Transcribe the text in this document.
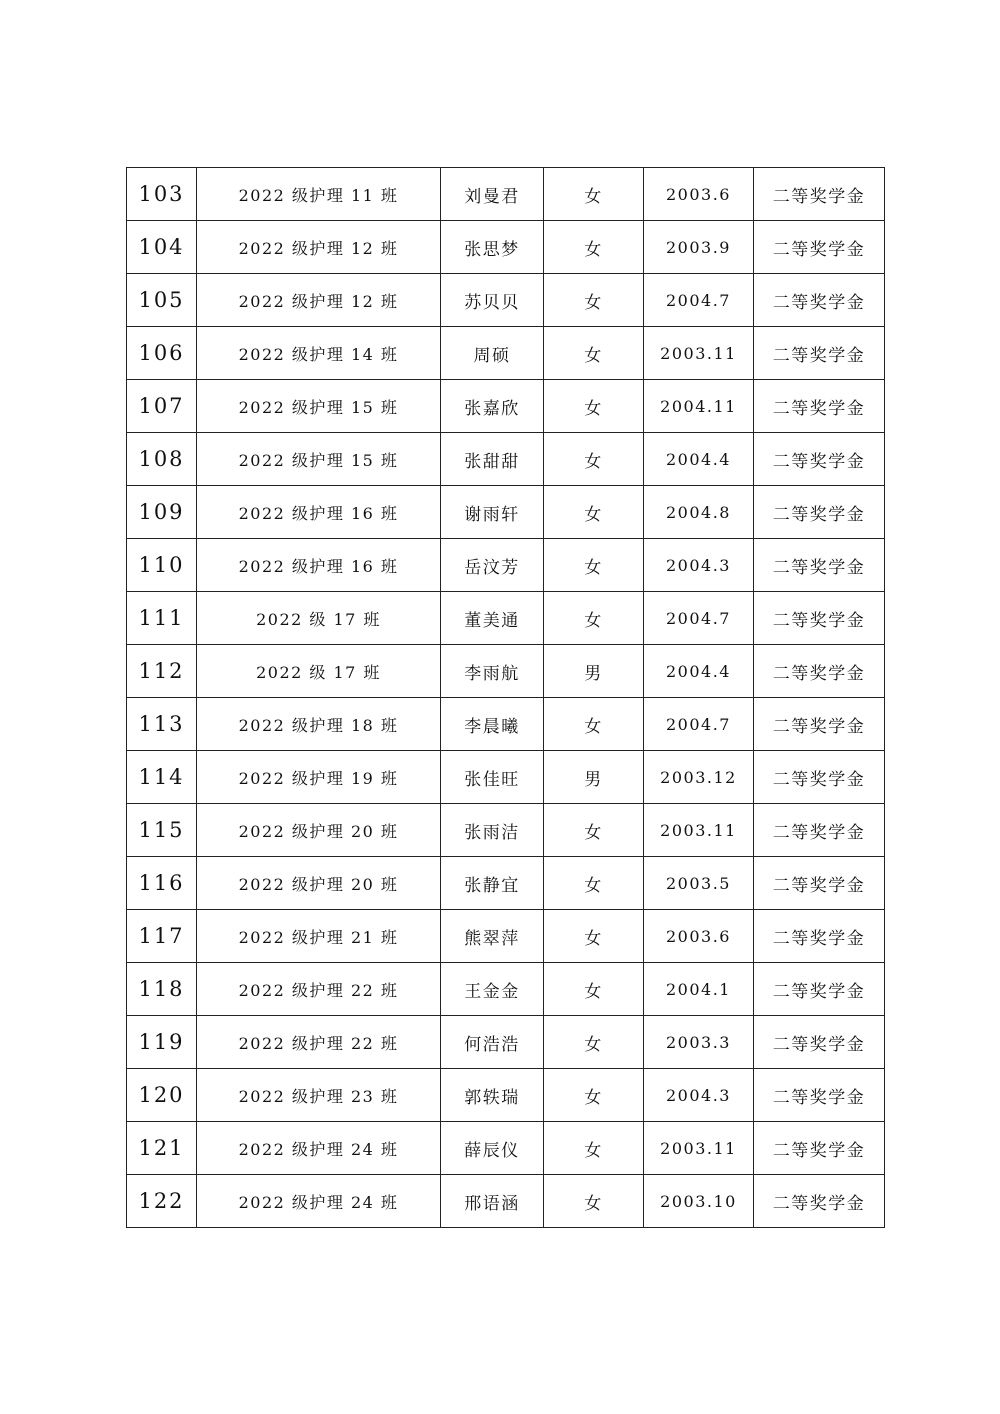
103	2022 级护理 11 班	刘曼君	女	2003.6	二等奖学金
104	2022 级护理 12 班	张思梦	女	2003.9	二等奖学金
105	2022 级护理 12 班	苏贝贝	女	2004.7	二等奖学金
106	2022 级护理 14 班	周硕	女	2003.11	二等奖学金
107	2022 级护理 15 班	张嘉欣	女	2004.11	二等奖学金
108	2022 级护理 15 班	张甜甜	女	2004.4	二等奖学金
109	2022 级护理 16 班	谢雨轩	女	2004.8	二等奖学金
110	2022 级护理 16 班	岳汶芳	女	2004.3	二等奖学金
111	2022 级 17 班	董美通	女	2004.7	二等奖学金
112	2022 级 17 班	李雨航	男	2004.4	二等奖学金
113	2022 级护理 18 班	李晨曦	女	2004.7	二等奖学金
114	2022 级护理 19 班	张佳旺	男	2003.12	二等奖学金
115	2022 级护理 20 班	张雨洁	女	2003.11	二等奖学金
116	2022 级护理 20 班	张静宜	女	2003.5	二等奖学金
117	2022 级护理 21 班	熊翠萍	女	2003.6	二等奖学金
118	2022 级护理 22 班	王金金	女	2004.1	二等奖学金
119	2022 级护理 22 班	何浩浩	女	2003.3	二等奖学金
120	2022 级护理 23 班	郭轶瑞	女	2004.3	二等奖学金
121	2022 级护理 24 班	薛辰仪	女	2003.11	二等奖学金
122	2022 级护理 24 班	邢语涵	女	2003.10	二等奖学金
